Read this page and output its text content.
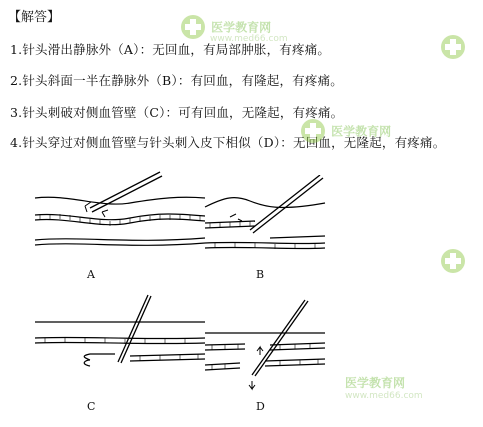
【解答】
1.针头滑出静脉外（A）：无回血，有局部肿胀，有疼痛。
2.针头斜面一半在静脉外（B）：有回血，有隆起，有疼痛。
3.针头刺破对侧血管壁（C）：可有回血，无隆起，有疼痛。
4.针头穿过对侧血管壁与针头刺入皮下相似（D）：无回血，无隆起，有疼痛。
医学教育网
www.med66.com
医学教育网
医学教育网
www.med66.com
A	B
C	D
